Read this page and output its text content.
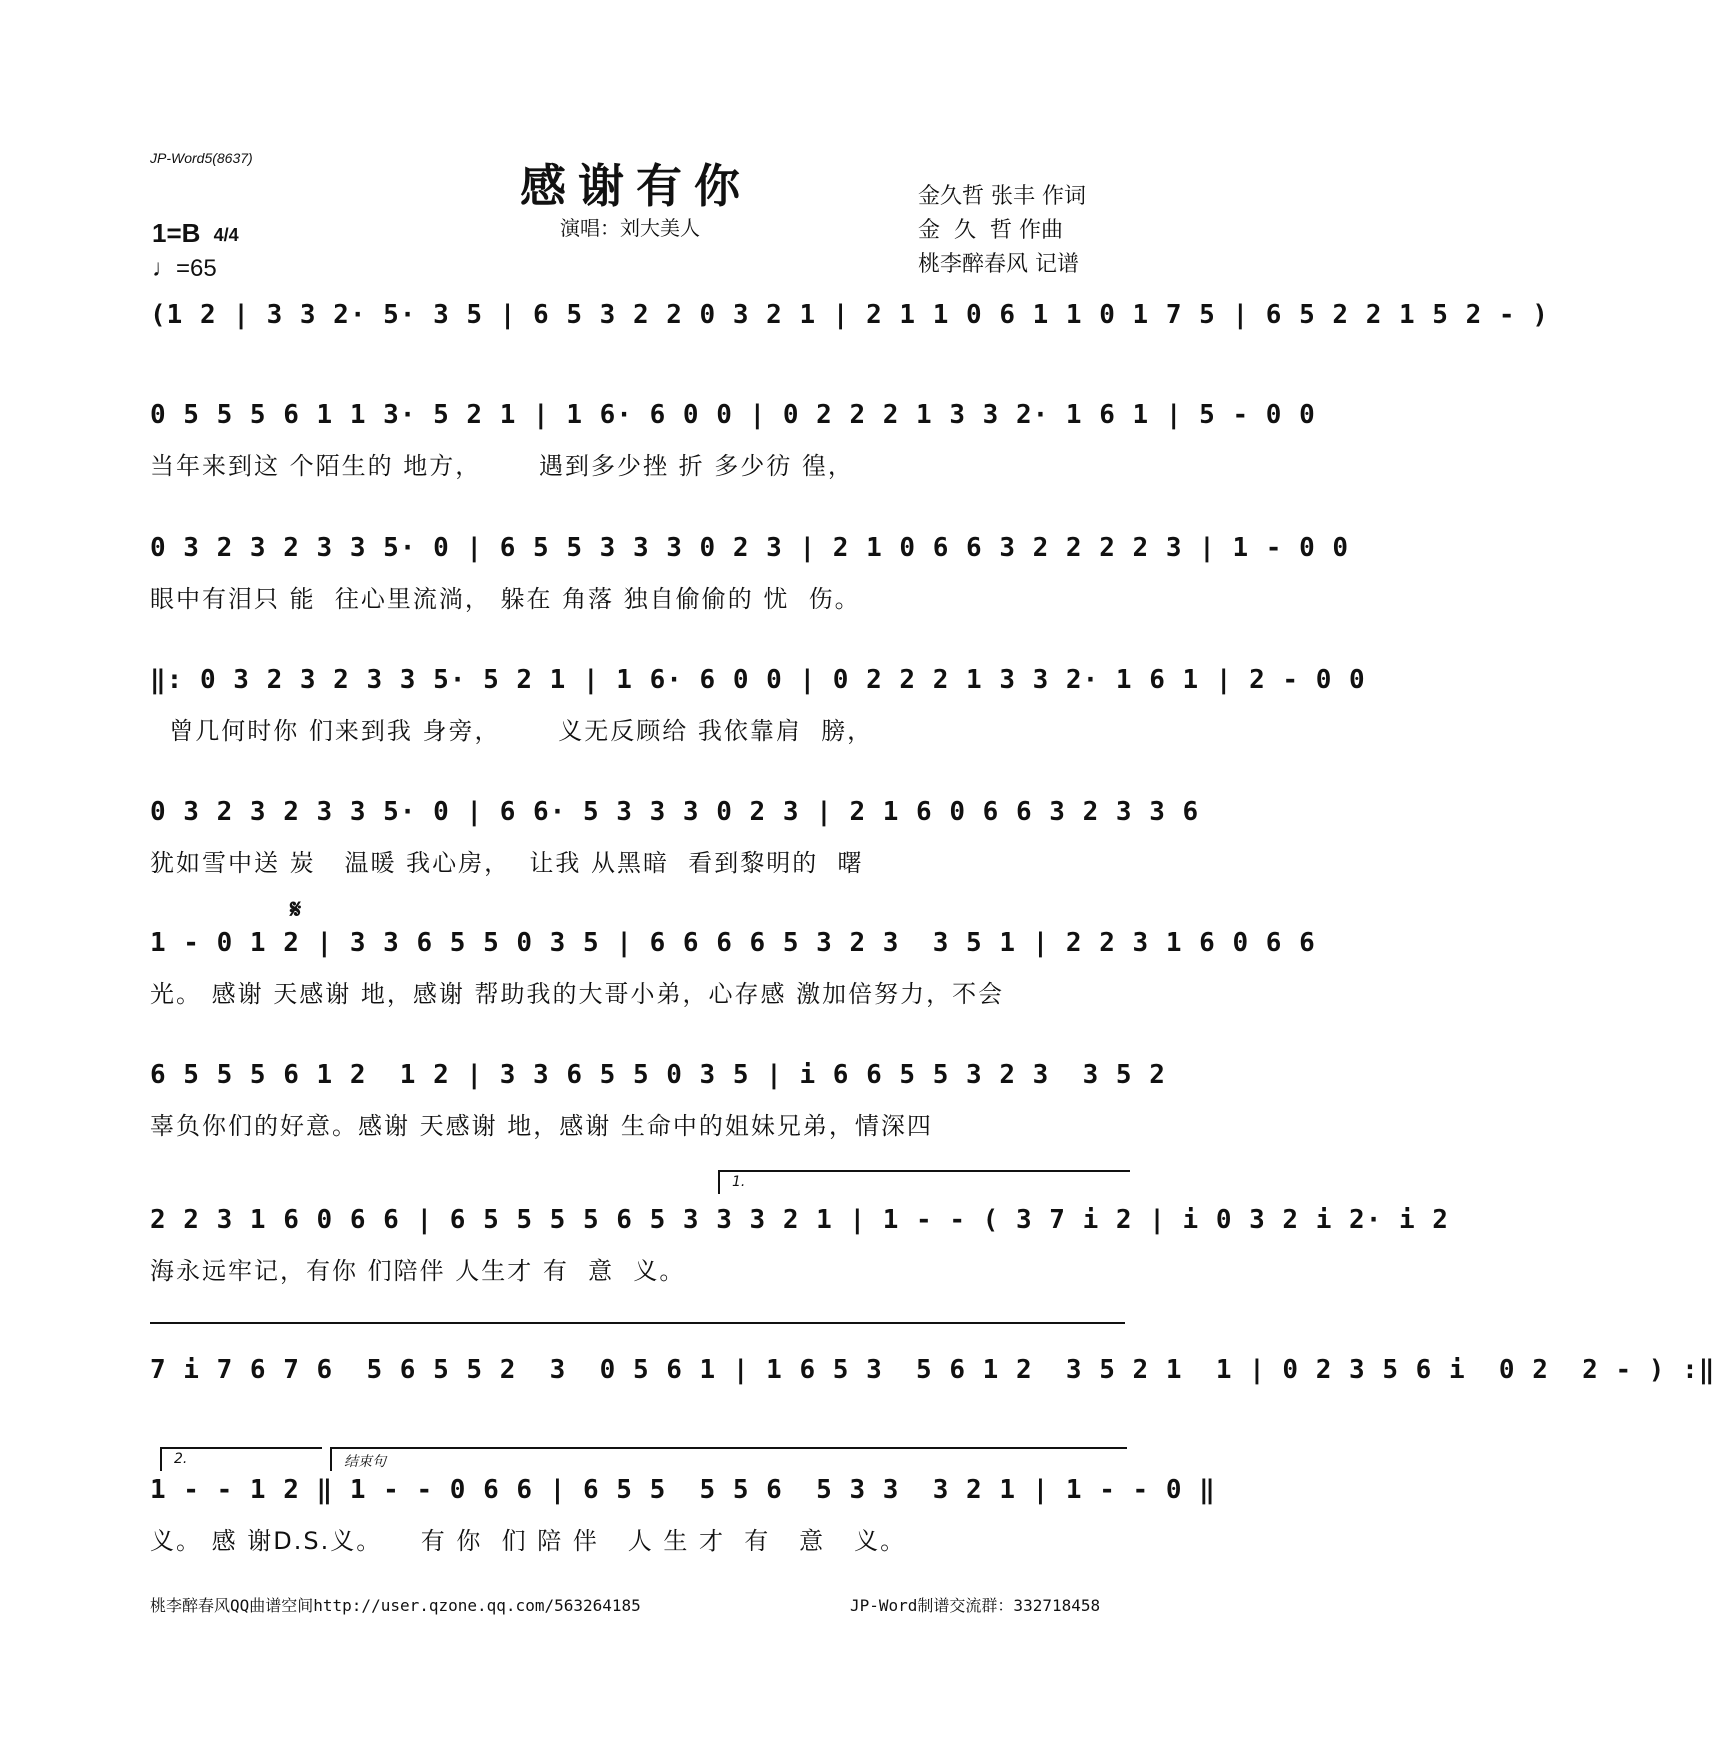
JP-Word5(8637)
感谢有你
演唱：刘大美人
金久哲 张丰 作词
金  久  哲 作曲
桃李醉春风 记谱
1=B 4/4
♩=65
𝄋
(1 2 | 3 3 2· 5· 3 5 | 6 5 3 2 2 0 3 2 1 | 2 1 1 0 6 1 1 0 1 7 5 | 6 5 2 2 1 5 2 - )
0 5 5 5 6 1 1 3· 5 2 1 | 1 6· 6 0 0 | 0 2 2 2 1 3 3 2· 1 6 1 | 5 - 0 0
当年来到这 个陌生的 地方，      遇到多少挫 折 多少彷 徨，
0 3 2 3 2 3 3 5· 0 | 6 5 5 3 3 3 0 2 3 | 2 1 0 6 6 3 2 2 2 2 3 | 1 - 0 0
眼中有泪只 能  往心里流淌， 躲在 角落 独自偷偷的 忧  伤。
‖: 0 3 2 3 2 3 3 5· 5 2 1 | 1 6· 6 0 0 | 0 2 2 2 1 3 3 2· 1 6 1 | 2 - 0 0
曾几何时你 们来到我 身旁，      义无反顾给 我依靠肩  膀，
0 3 2 3 2 3 3 5· 0 | 6 6· 5 3 3 3 0 2 3 | 2 1 6 0 6 6 3 2 3 3 6
犹如雪中送 炭   温暖 我心房，  让我 从黑暗  看到黎明的  曙
1 - 0 1 2 | 3 3 6 5 5 0 3 5 | 6 6 6 6 5 3 2 3  3 5 1 | 2 2 3 1 6 0 6 6
光。 感谢 天感谢 地，感谢 帮助我的大哥小弟，心存感 激加倍努力，不会
6 5 5 5 6 1 2  1 2 | 3 3 6 5 5 0 3 5 | i 6 6 5 5 3 2 3  3 5 2
辜负你们的好意。感谢 天感谢 地，感谢 生命中的姐妹兄弟，情深四
1.
2 2 3 1 6 0 6 6 | 6 5 5 5 5 6 5 3 3 3 2 1 | 1 - - ( 3 7 i 2 | i 0 3 2 i 2· i 2
海永远牢记，有你 们陪伴 人生才 有  意  义。
7 i 7 6 7 6  5 6 5 5 2  3  0 5 6 1 | 1 6 5 3  5 6 1 2  3 5 2 1  1 | 0 2 3 5 6 i  0 2  2 - ) :‖
2.	结束句
1 - - 1 2 ‖ 1 - - 0 6 6 | 6 5 5  5 5 6  5 3 3  3 2 1 | 1 - - 0 ‖
义。 感 谢D.S.义。    有 你  们 陪 伴   人 生 才  有   意   义。
桃李醉春风QQ曲谱空间http://user.qzone.qq.com/563264185	JP-Word制谱交流群：332718458
